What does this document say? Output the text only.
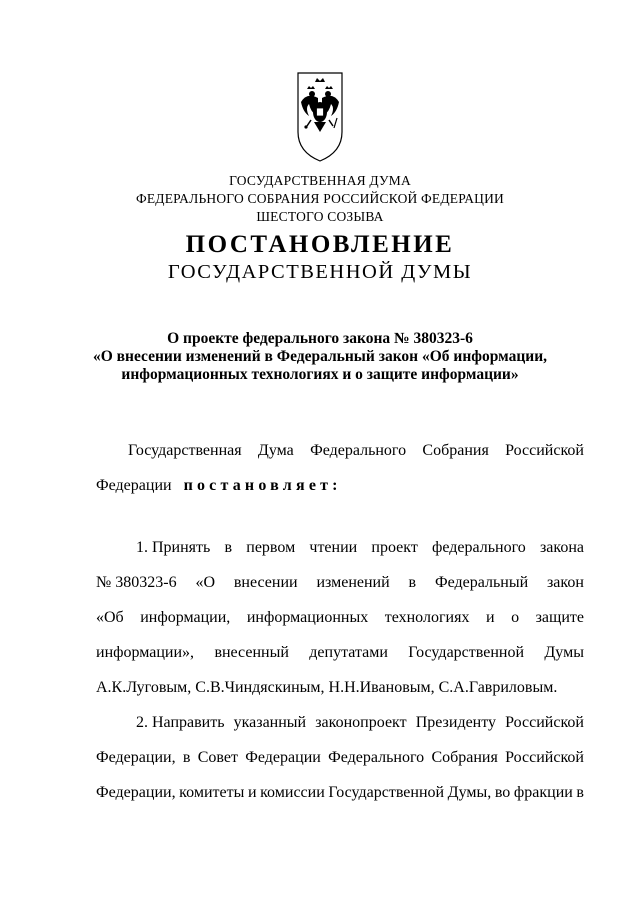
ГОСУДАРСТВЕННАЯ ДУМА
ФЕДЕРАЛЬНОГО СОБРАНИЯ РОССИЙСКОЙ ФЕДЕРАЦИИ
ШЕСТОГО СОЗЫВА
ПОСТАНОВЛЕНИЕ
ГОСУДАРСТВЕННОЙ ДУМЫ
О проекте федерального закона № 380323-6
«О внесении изменений в Федеральный закон «Об информации,
информационных технологиях и о защите информации»
Государственная Дума Федерального Собрания Российской
Федерации постановляет:
1. Принять в первом чтении проект федерального закона
№ 380323-6 «О внесении изменений в Федеральный закон
«Об информации, информационных технологиях и о защите
информации», внесенный депутатами Государственной Думы
А.К.Луговым, С.В.Чиндяскиным, Н.Н.Ивановым, С.А.Гавриловым.
2. Направить указанный законопроект Президенту Российской
Федерации, в Совет Федерации Федерального Собрания Российской
Федерации, комитеты и комиссии Государственной Думы, во фракции в
